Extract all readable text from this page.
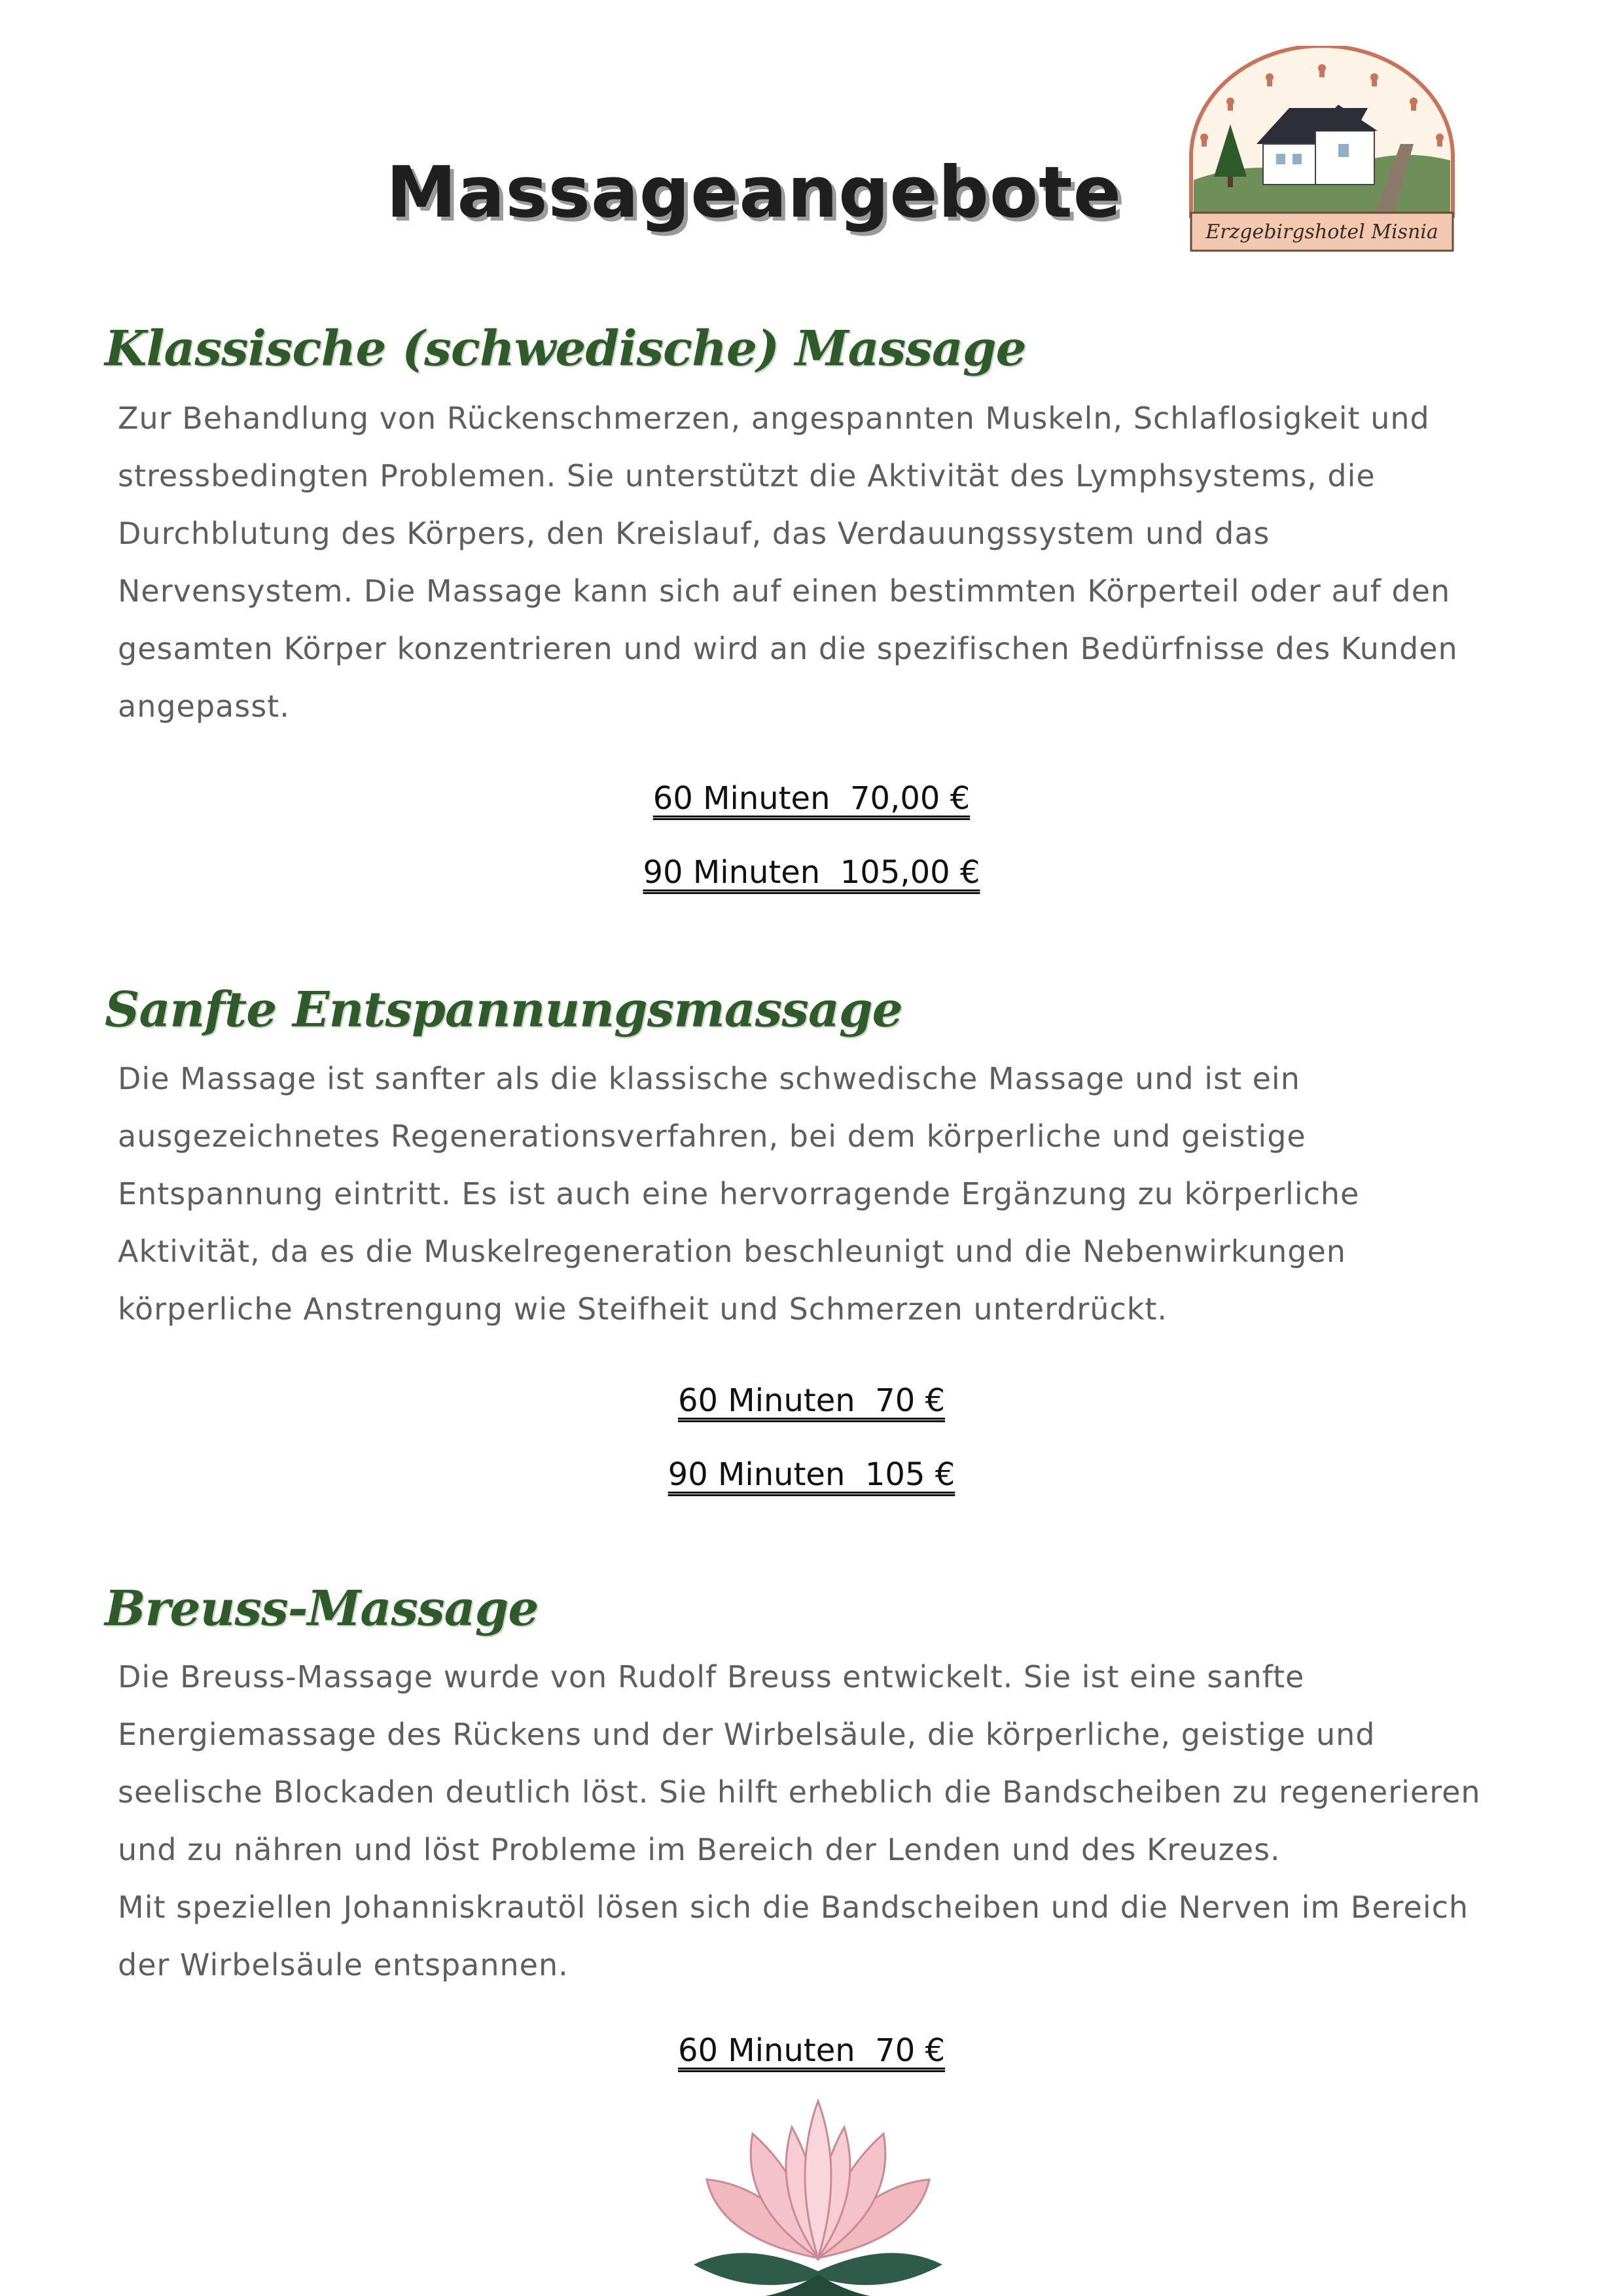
Massageangebote	Erzgebirgshotel Misnia
Klassische (schwedische) Massage

Zur Behandlung von Rückenschmerzen, angespannten Muskeln, Schlaflosigkeit und
stressbedingten Problemen. Sie unterstützt die Aktivität des Lymphsystems, die
Durchblutung des Körpers, den Kreislauf, das Verdauungssystem und das
Nervensystem. Die Massage kann sich auf einen bestimmten Körperteil oder auf den
gesamten Körper konzentrieren und wird an die spezifischen Bedürfnisse des Kunden
angepasst.

60 Minuten  70,00 €
90 Minuten  105,00 €
Sanfte Entspannungsmassage

Die Massage ist sanfter als die klassische schwedische Massage und ist ein
ausgezeichnetes Regenerationsverfahren, bei dem körperliche und geistige
Entspannung eintritt. Es ist auch eine hervorragende Ergänzung zu körperliche
Aktivität, da es die Muskelregeneration beschleunigt und die Nebenwirkungen
körperliche Anstrengung wie Steifheit und Schmerzen unterdrückt.

60 Minuten  70 €
90 Minuten  105 €
Breuss-Massage

Die Breuss-Massage wurde von Rudolf Breuss entwickelt. Sie ist eine sanfte
Energiemassage des Rückens und der Wirbelsäule, die körperliche, geistige und
seelische Blockaden deutlich löst. Sie hilft erheblich die Bandscheiben zu regenerieren
und zu nähren und löst Probleme im Bereich der Lenden und des Kreuzes.
Mit speziellen Johanniskrautöl lösen sich die Bandscheiben und die Nerven im Bereich
der Wirbelsäule entspannen.

60 Minuten  70 €
